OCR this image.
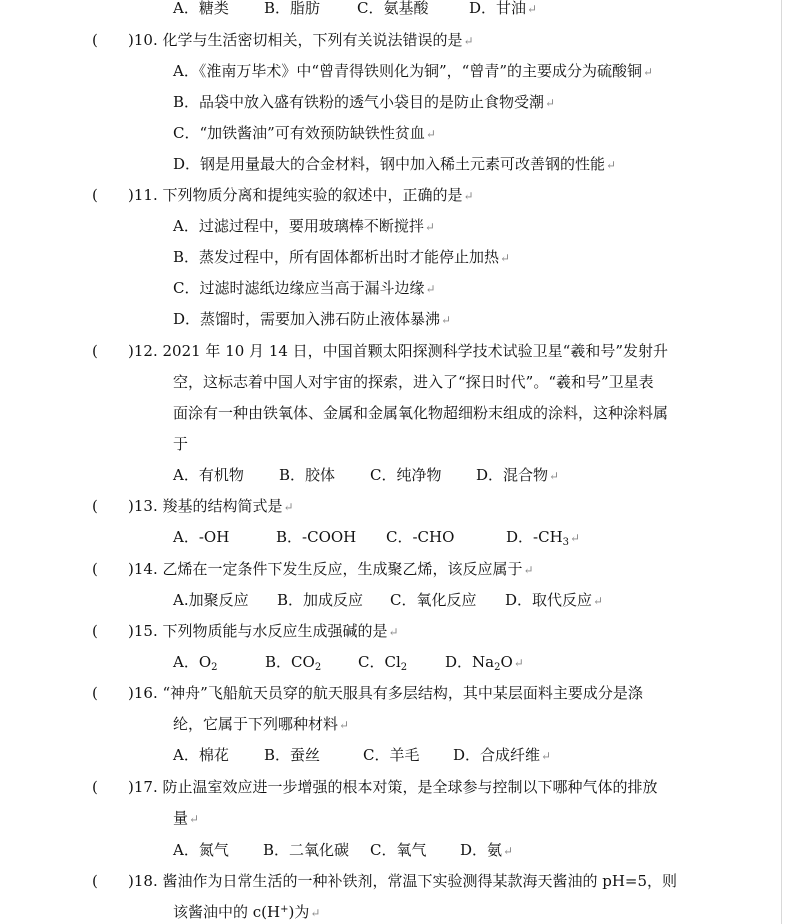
A．糖类 B．脂肪 C．氨基酸	D．甘油↵
( )10. 化学与生活密切相关，下列有关说法错误的是↵
A．《淮南万毕术》中“曾青得铁则化为铜”，“曾青”的主要成分为硫酸铜↵
B．品袋中放入盛有铁粉的透气小袋目的是防止食物受潮↵
C．“加铁酱油”可有效预防缺铁性贫血↵
D．钢是用量最大的合金材料，钢中加入稀土元素可改善钢的性能↵
( )11. 下列物质分离和提纯实验的叙述中，正确的是↵
A．过滤过程中，要用玻璃棒不断搅拌↵
B．蒸发过程中，所有固体都析出时才能停止加热↵
C．过滤时滤纸边缘应当高于漏斗边缘↵
D．蒸馏时，需要加入沸石防止液体暴沸↵
( )12. 2021 年 10 月 14 日，中国首颗太阳探测科学技术试验卫星“羲和号”发射升
空，这标志着中国人对宇宙的探索，进入了“探日时代”。“羲和号”卫星表
面涂有一种由铁氧体、金属和金属氧化物超细粉末组成的涂料，这种涂料属
于
A．有机物 B．胶体 C．纯净物 D．混合物↵
( )13. 羧基的结构简式是↵
A．-OH	B．-COOH C．-CHO	D．$-CH_3↵$
( )14. 乙烯在一定条件下发生反应，生成聚乙烯，该反应属于↵
A.加聚反应 B．加成反应 C．氧化反应 D．取代反应↵
( )15. 下列物质能与水反应生成强碱的是↵
A．$O_2$	B．$CO_2$ C．$Cl_2$	D．$Na_2O↵$
( )16. “神舟”飞船航天员穿的航天服具有多层结构，其中某层面料主要成分是涤
纶，它属于下列哪种材料↵
A．棉花 B．蚕丝	C．羊毛 D．合成纤维↵
( )17. 防止温室效应进一步增强的根本对策，是全球参与控制以下哪种气体的排放
量↵
A．氮气 B．二氧化碳 C．氧气 D．氨↵
( )18. 酱油作为日常生活的一种补铁剂，常温下实验测得某款海天酱油的 pH=5，则
该酱油中的 c(H+)为↵
